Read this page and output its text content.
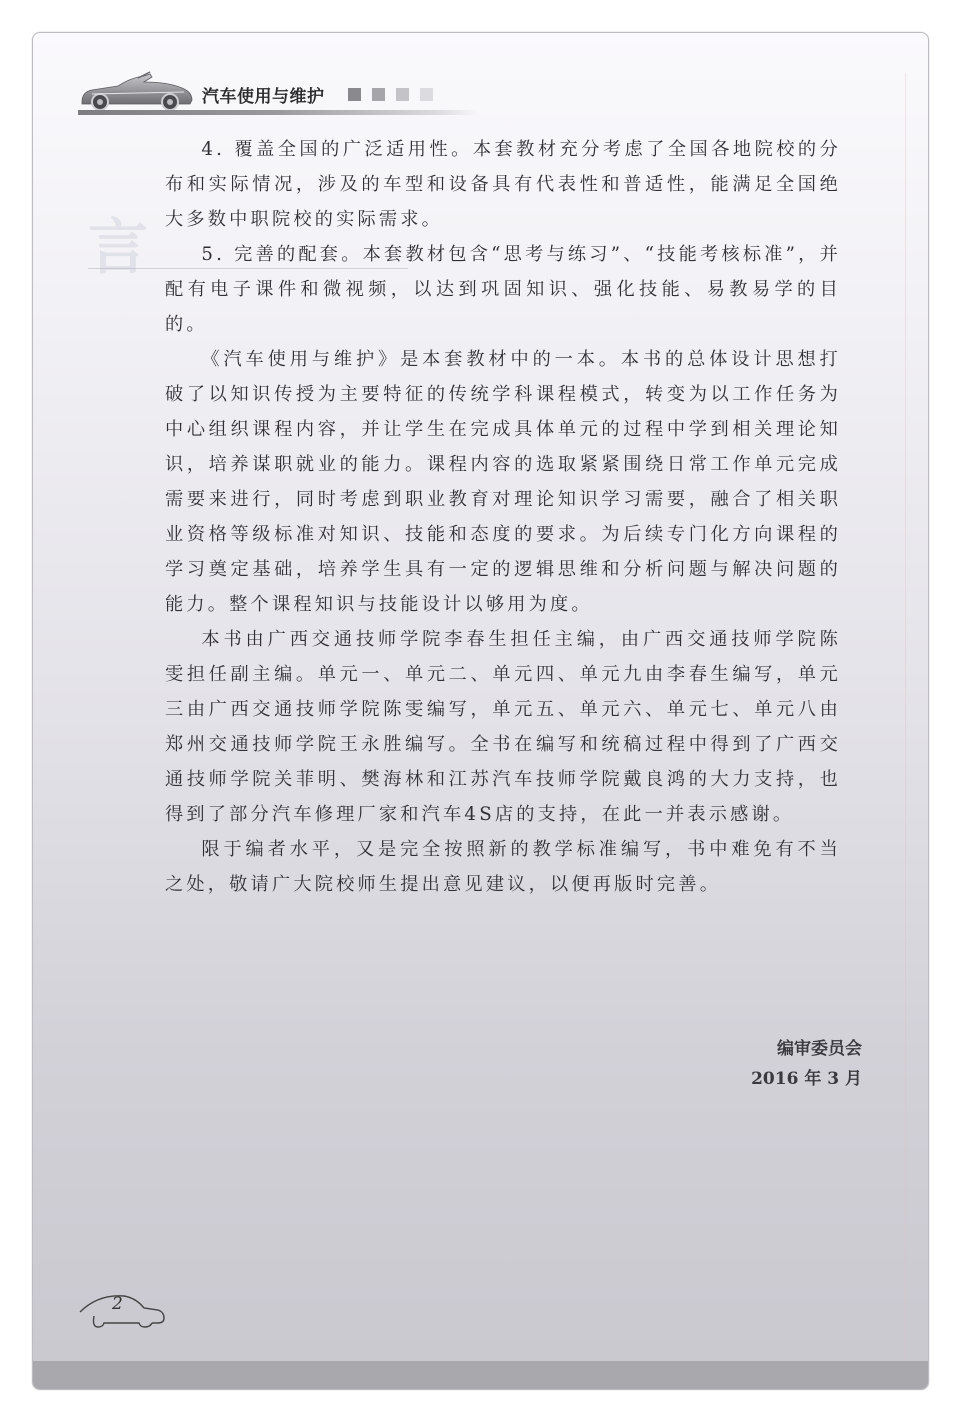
汽车使用与维护
言

4. 覆盖全国的广泛适用性。本套教材充分考虑了全国各地院校的分布和实际情况，涉及的车型和设备具有代表性和普适性，能满足全国绝大多数中职院校的实际需求。

5. 完善的配套。本套教材包含“思考与练习”、“技能考核标准”，并配有电子课件和微视频，以达到巩固知识、强化技能、易教易学的目的。

《汽车使用与维护》是本套教材中的一本。本书的总体设计思想打破了以知识传授为主要特征的传统学科课程模式，转变为以工作任务为中心组织课程内容，并让学生在完成具体单元的过程中学到相关理论知识，培养谋职就业的能力。课程内容的选取紧紧围绕日常工作单元完成需要来进行，同时考虑到职业教育对理论知识学习需要，融合了相关职业资格等级标准对知识、技能和态度的要求。为后续专门化方向课程的学习奠定基础，培养学生具有一定的逻辑思维和分析问题与解决问题的能力。整个课程知识与技能设计以够用为度。

本书由广西交通技师学院李春生担任主编，由广西交通技师学院陈雯担任副主编。单元一、单元二、单元四、单元九由李春生编写，单元三由广西交通技师学院陈雯编写，单元五、单元六、单元七、单元八由郑州交通技师学院王永胜编写。全书在编写和统稿过程中得到了广西交通技师学院关菲明、樊海林和江苏汽车技师学院戴良鸿的大力支持，也得到了部分汽车修理厂家和汽车4S店的支持，在此一并表示感谢。

限于编者水平，又是完全按照新的教学标准编写，书中难免有不当之处，敬请广大院校师生提出意见建议，以便再版时完善。

编审委员会
2016 年 3 月
2
